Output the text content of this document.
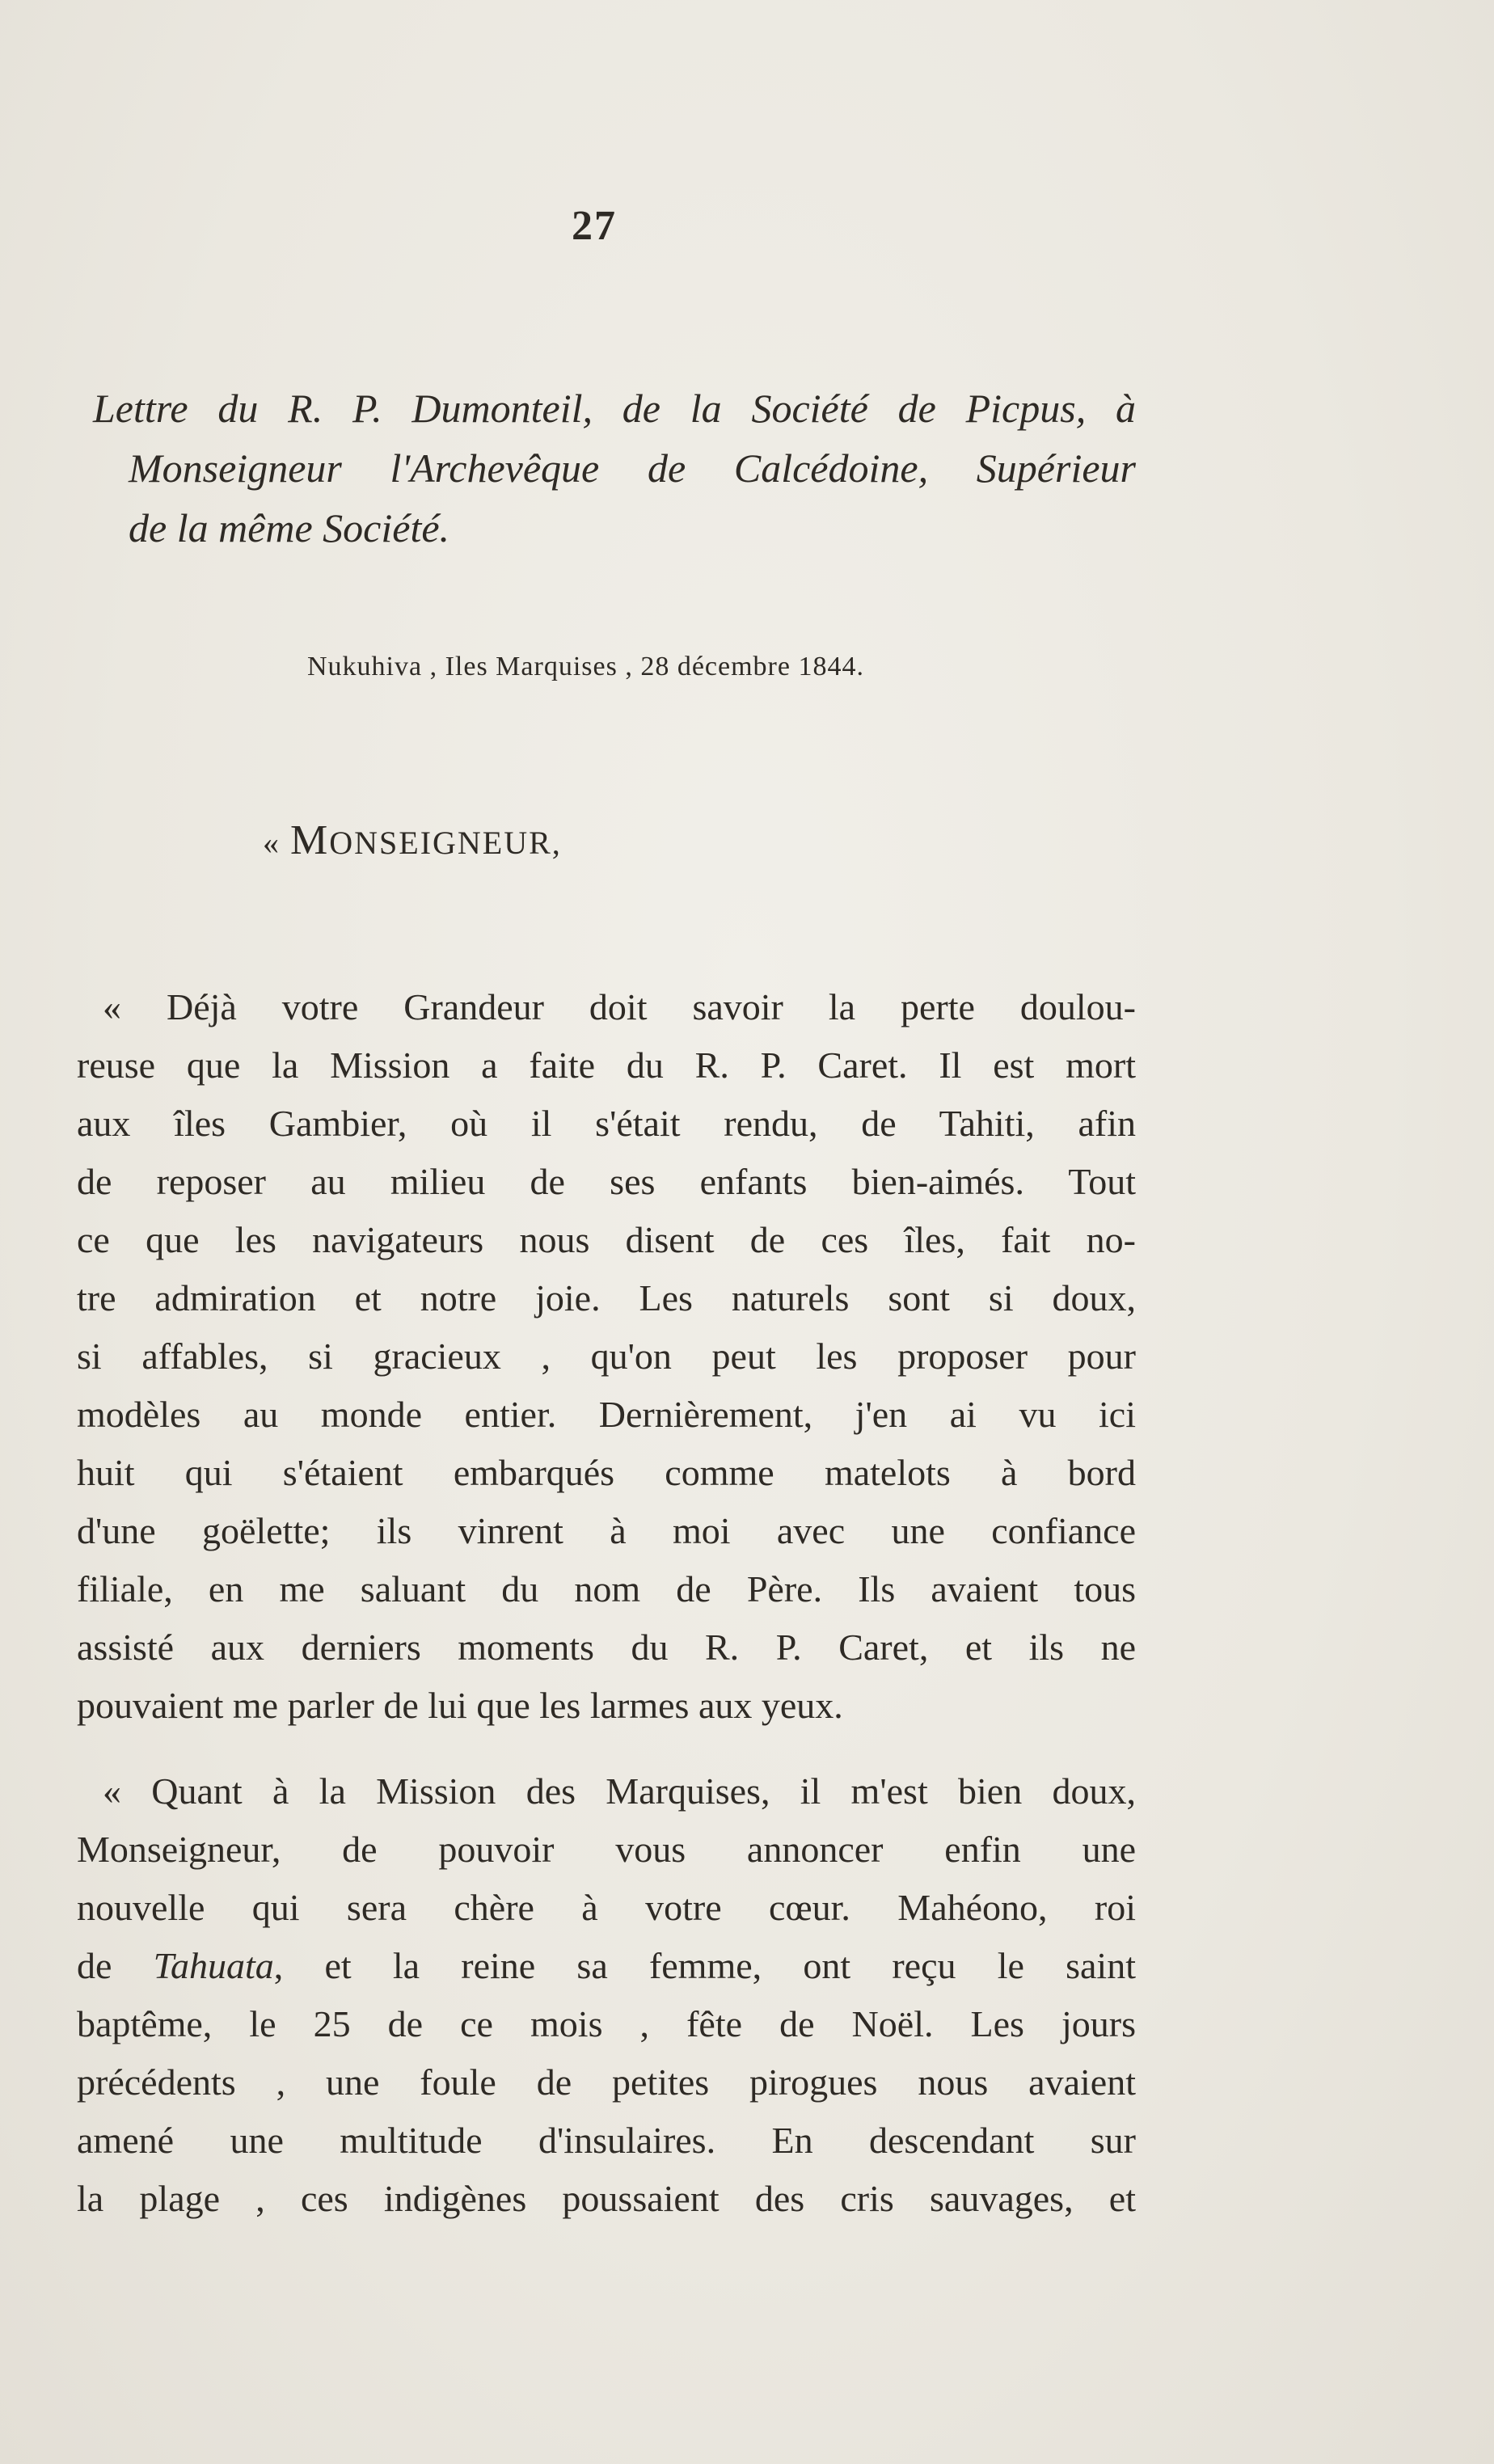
27
Lettre du R. P. Dumonteil, de la Société de Picpus, à
Monseigneur l'Archevêque de Calcédoine, Supérieur
de la même Société.
Nukuhiva , Iles Marquises , 28 décembre 1844.
« MONSEIGNEUR,
« Déjà votre Grandeur doit savoir la perte doulou-
reuse que la Mission a faite du R. P. Caret. Il est mort
aux îles Gambier, où il s'était rendu, de Tahiti, afin
de reposer au milieu de ses enfants bien-aimés. Tout
ce que les navigateurs nous disent de ces îles, fait no-
tre admiration et notre joie. Les naturels sont si doux,
si affables, si gracieux , qu'on peut les proposer pour
modèles au monde entier. Dernièrement, j'en ai vu ici
huit qui s'étaient embarqués comme matelots à bord
d'une goëlette; ils vinrent à moi avec une confiance
filiale, en me saluant du nom de Père. Ils avaient tous
assisté aux derniers moments du R. P. Caret, et ils ne
pouvaient me parler de lui que les larmes aux yeux.
« Quant à la Mission des Marquises, il m'est bien doux,
Monseigneur, de pouvoir vous annoncer enfin une
nouvelle qui sera chère à votre cœur. Mahéono, roi
de Tahuata, et la reine sa femme, ont reçu le saint
baptême, le 25 de ce mois , fête de Noël. Les jours
précédents , une foule de petites pirogues nous avaient
amené une multitude d'insulaires. En descendant sur
la plage , ces indigènes poussaient des cris sauvages, et
